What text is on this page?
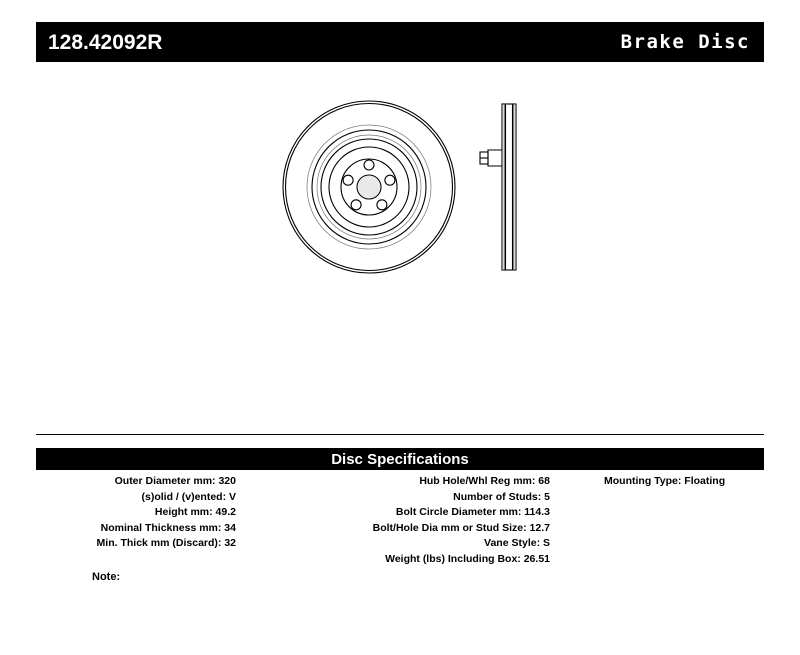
128.42092R	Brake Disc
Disc Specifications
Outer Diameter mm: 320
(s)olid / (v)ented: V
Height mm: 49.2
Nominal Thickness mm: 34
Min. Thick mm (Discard): 32
Hub Hole/Whl Reg mm: 68
Number of Studs: 5
Bolt Circle Diameter mm: 114.3
Bolt/Hole Dia mm or Stud Size: 12.7
Vane Style: S
Weight (lbs) Including Box: 26.51
Mounting Type: Floating
Note:
